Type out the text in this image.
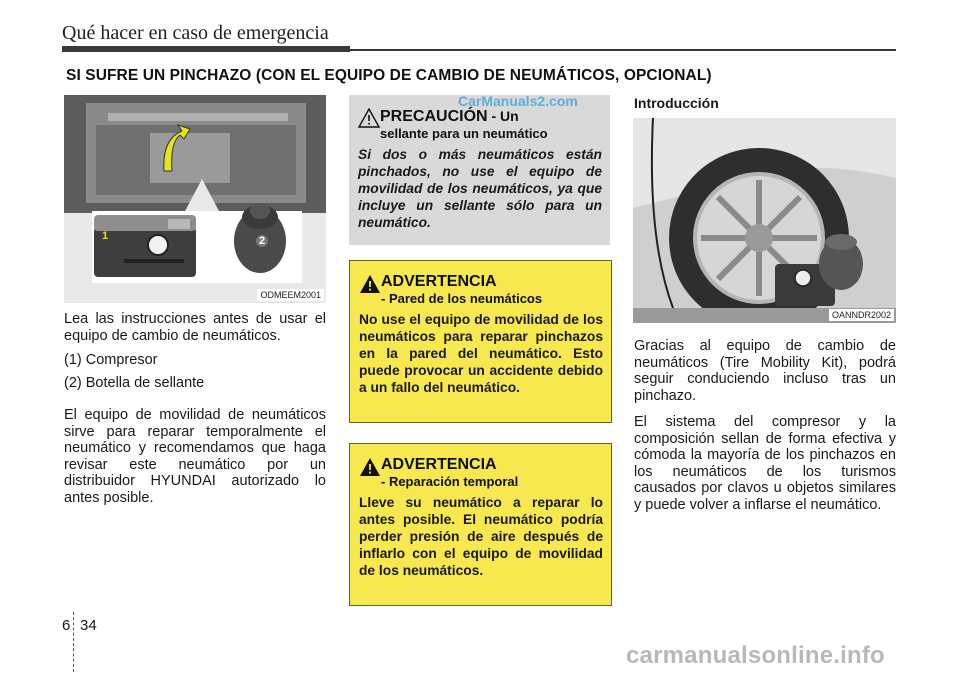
Qué hacer en caso de emergencia
SI SUFRE UN PINCHAZO (CON EL EQUIPO DE CAMBIO DE NEUMÁTICOS, OPCIONAL)
1	2
ODMEEM2001

Lea las instrucciones antes de usar el equipo de cambio de neumáticos.

(1) Compresor

(2) Botella de sellante

El equipo de movilidad de neumáticos sirve para reparar temporalmente el neumático y recomendamos que haga revisar este neumático por un distribuidor HYUNDAI autorizado lo antes posible.

PRECAUCIÓN - Un
sellante para un neumático
Si dos o más neumáticos están pinchados, no use el equipo de movilidad de los neumáticos, ya que incluye un sellante sólo para un neumático.
ADVERTENCIA
- Pared de los neumáticos
No use el equipo de movilidad de los neumáticos para reparar pinchazos en la pared del neumático. Esto puede provocar un accidente debido a un fallo del neumático.
ADVERTENCIA
- Reparación temporal
Lleve su neumático a reparar lo antes posible. El neumático podría perder presión de aire después de inflarlo con el equipo de movilidad de los neumáticos.
Introducción
OANNDR2002

Gracias al equipo de cambio de neumáticos (Tire Mobility Kit), podrá seguir conduciendo incluso tras un pinchazo.

El sistema del compresor y la composición sellan de forma efectiva y cómoda la mayoría de los pinchazos en los neumáticos de los turismos causados por clavos u objetos similares y puede volver a inflarse el neumático.

6 34
CarManuals2.com
carmanualsonline.info
